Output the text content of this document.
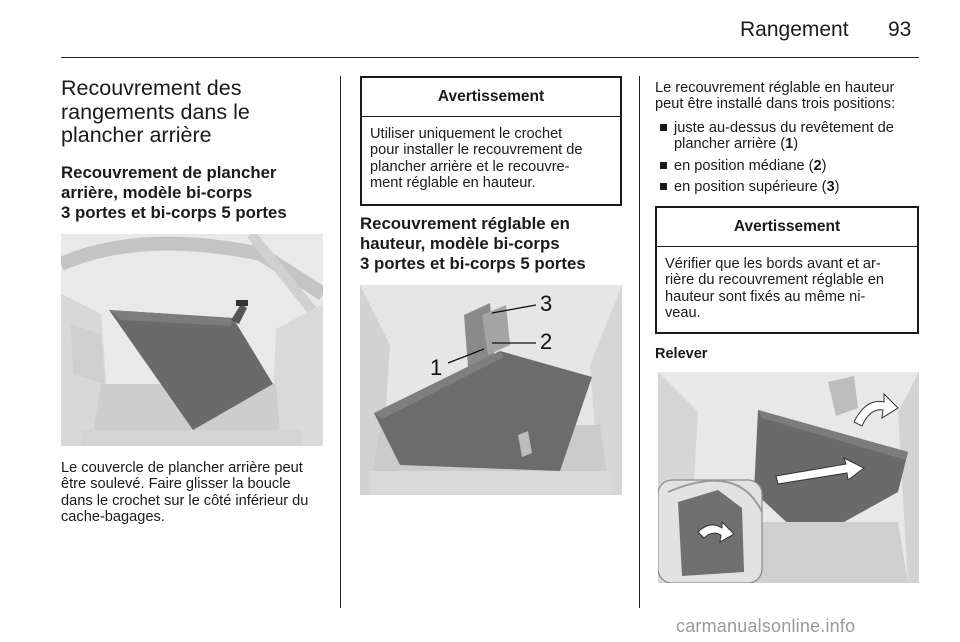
Rangement 93
Recouvrement des
rangements dans le
plancher arrière
Recouvrement de plancher
arrière, modèle bi-corps
3 portes et bi-corps 5 portes

Le couvercle de plancher arrière peut
être soulevé. Faire glisser la boucle
dans le crochet sur le côté inférieur du
cache-bagages.

Avertissement
Utiliser uniquement le crochet
pour installer le recouvrement de
plancher arrière et le recouvre-
ment réglable en hauteur.
Recouvrement réglable en
hauteur, modèle bi-corps
3 portes et bi-corps 5 portes
1
2
3

Le recouvrement réglable en hauteur
peut être installé dans trois positions:

juste au-dessus du revêtement de
plancher arrière (1)
en position médiane (2)
en position supérieure (3)
Avertissement
Vérifier que les bords avant et ar-
rière du recouvrement réglable en
hauteur sont fixés au même ni-
veau.
Relever
carmanualsonline.info
